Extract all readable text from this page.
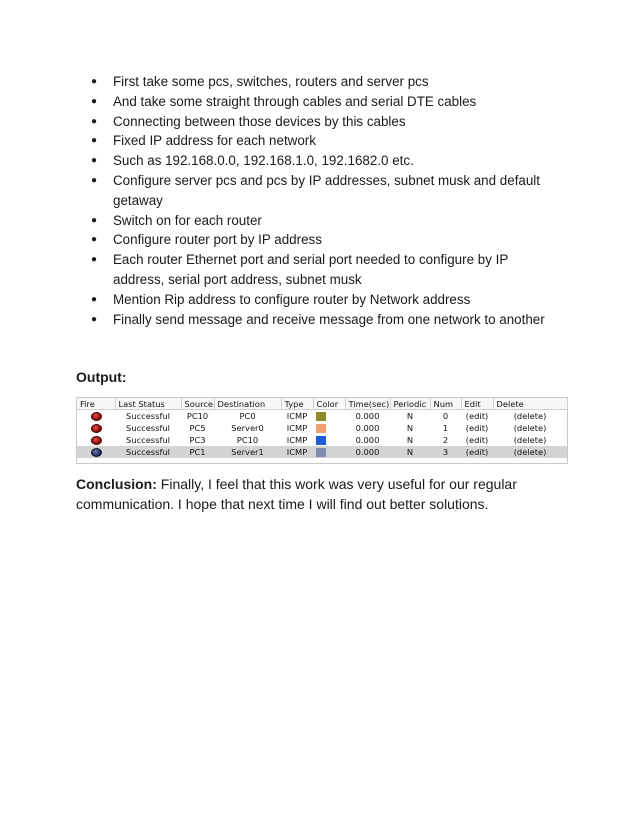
● First take some pcs, switches, routers and server pcs
● And take some straight through cables and serial DTE cables
● Connecting between those devices by this cables
● Fixed IP address for each network
● Such as 192.168.0.0, 192.168.1.0, 192.1682.0 etc.
● Configure server pcs and pcs by IP addresses, subnet musk and default getaway
● Switch on for each router
● Configure router port by IP address
● Each router Ethernet port and serial port needed to configure by IP address, serial port address, subnet musk
● Mention Rip address to configure router by Network address
● Finally send message and receive message from one network to another

Output:

Fire	Last Status	Source	Destination	Type	Color	Time(sec)	Periodic	Num	Edit	Delete
	Successful	PC10	PC0	ICMP		0.000	N	0	(edit)	(delete)
	Successful	PC5	Server0	ICMP		0.000	N	1	(edit)	(delete)
	Successful	PC3	PC10	ICMP		0.000	N	2	(edit)	(delete)
	Successful	PC1	Server1	ICMP		0.000	N	3	(edit)	(delete)

Conclusion: Finally, I feel that this work was very useful for our regular communication. I hope that next time I will find out better solutions.
